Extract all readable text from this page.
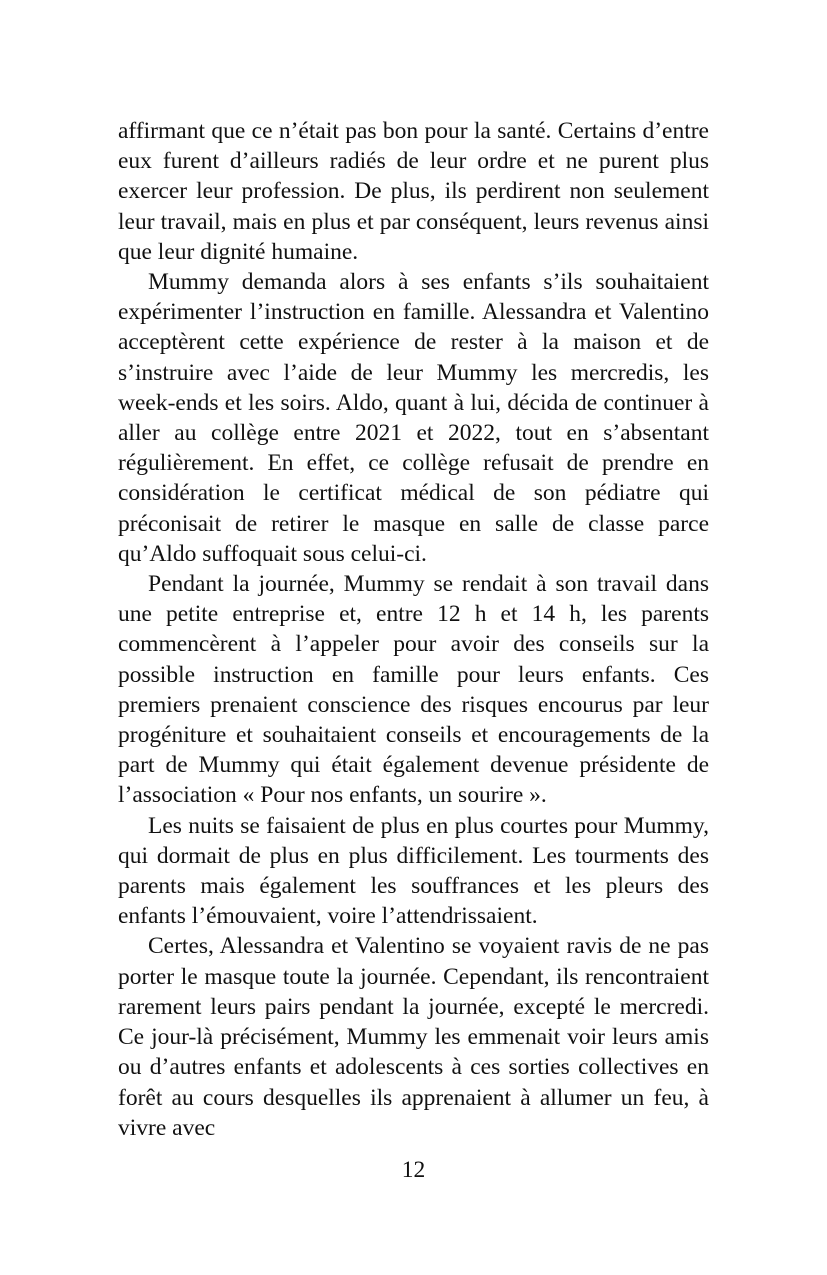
affirmant que ce n’était pas bon pour la santé. Certains d’entre eux furent d’ailleurs radiés de leur ordre et ne purent plus exercer leur profession. De plus, ils perdirent non seulement leur travail, mais en plus et par conséquent, leurs revenus ainsi que leur dignité humaine.

Mummy demanda alors à ses enfants s’ils souhaitaient expérimenter l’instruction en famille. Alessandra et Valentino acceptèrent cette expérience de rester à la maison et de s’instruire avec l’aide de leur Mummy les mercredis, les week-ends et les soirs. Aldo, quant à lui, décida de continuer à aller au collège entre 2021 et 2022, tout en s’absentant régulièrement. En effet, ce collège refusait de prendre en considération le certificat médical de son pédiatre qui préconisait de retirer le masque en salle de classe parce qu’Aldo suffoquait sous celui-ci.

Pendant la journée, Mummy se rendait à son travail dans une petite entreprise et, entre 12 h et 14 h, les parents commencèrent à l’appeler pour avoir des conseils sur la possible instruction en famille pour leurs enfants. Ces premiers prenaient conscience des risques encourus par leur progéniture et souhaitaient conseils et encouragements de la part de Mummy qui était également devenue présidente de l’association « Pour nos enfants, un sourire ».

Les nuits se faisaient de plus en plus courtes pour Mummy, qui dormait de plus en plus difficilement. Les tourments des parents mais également les souffrances et les pleurs des enfants l’émouvaient, voire l’attendrissaient.

Certes, Alessandra et Valentino se voyaient ravis de ne pas porter le masque toute la journée. Cependant, ils rencontraient rarement leurs pairs pendant la journée, excepté le mercredi. Ce jour-là précisément, Mummy les emmenait voir leurs amis ou d’autres enfants et adolescents à ces sorties collectives en forêt au cours desquelles ils apprenaient à allumer un feu, à vivre avec

12
